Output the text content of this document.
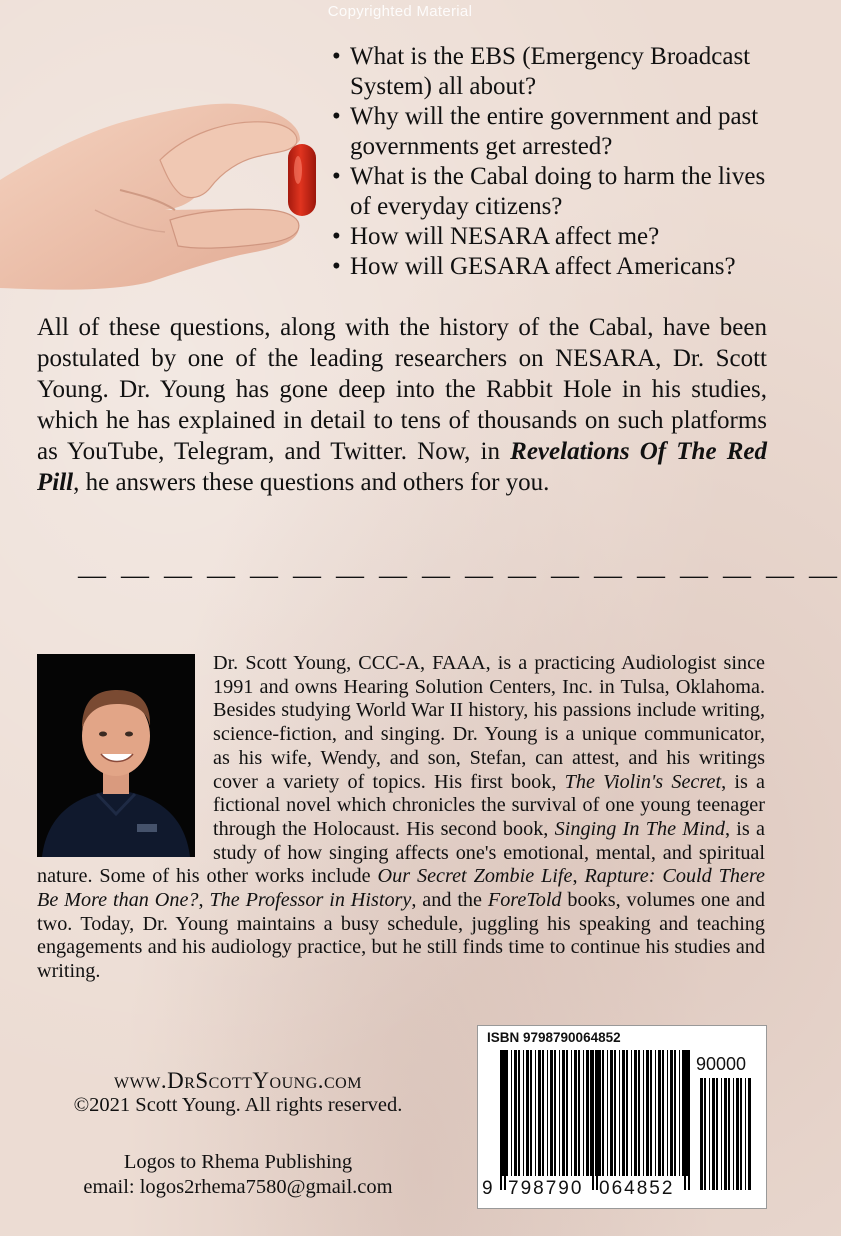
Copyrighted Material
• What is the EBS (Emergency Broadcast System) all about?
• Why will the entire government and past governments get arrested?
• What is the Cabal doing to harm the lives of everyday citizens?
• How will NESARA affect me?
• How will GESARA affect Americans?

All of these questions, along with the history of the Cabal, have been postulated by one of the leading researchers on NESARA, Dr. Scott Young. Dr. Young has gone deep into the Rabbit Hole in his studies, which he has explained in detail to tens of thousands on such platforms as YouTube, Telegram, and Twitter. Now, in Revelations Of The Red Pill, he answers these questions and others for you.

— — — — — — — — — — — — — — — — — —

Dr. Scott Young, CCC-A, FAAA, is a practicing Audiologist since 1991 and owns Hearing Solution Centers, Inc. in Tulsa, Oklahoma. Besides studying World War II history, his passions include writing, science-fiction, and singing. Dr. Young is a unique communicator, as his wife, Wendy, and son, Stefan, can attest, and his writings cover a variety of topics. His first book, The Violin's Secret, is a fictional novel which chronicles the survival of one young teenager through the Holocaust. His second book, Singing In The Mind, is a study of how singing affects one's emotional, mental, and spiritual nature. Some of his other works include Our Secret Zombie Life, Rapture: Could There Be More than One?, The Professor in History, and the ForeTold books, volumes one and two. Today, Dr. Young maintains a busy schedule, juggling his speaking and teaching engagements and his audiology practice, but he still finds time to continue his studies and writing.

www.DrScottYoung.com
©2021 Scott Young. All rights reserved.
Logos to Rhema Publishing
email: logos2rhema7580@gmail.com
ISBN 9798790064852
90000
9 798790 064852
